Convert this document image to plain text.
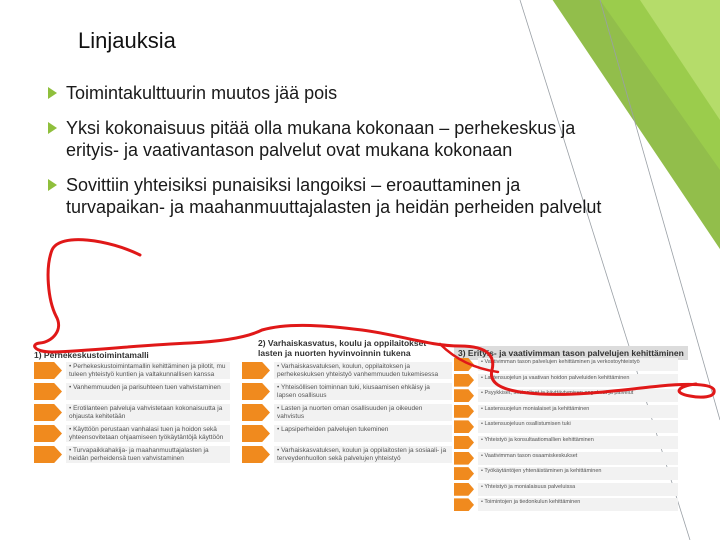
Linjauksia
Toimintakulttuurin muutos jää pois
Yksi kokonaisuus pitää olla mukana kokonaan – perhekeskus ja erityis- ja vaativantason palvelut ovat mukana kokonaan
Sovittiin yhteisiksi punaisiksi langoiksi – eroauttaminen ja turvapaikan- ja maahanmuuttajalasten ja heidän perheiden palvelut
1) Perhekeskustoimintamalli
• Perhekeskustoimintamallin kehittäminen ja pilotit, mu tuleen yhteistyö kuntien ja valtakunnallisen kanssa
• Vanhemmuuden ja parisuhteen tuen vahvistaminen
• Erotilanteen palveluja vahvistetaan kokonaisuutta ja ohjausta kehitetään
• Käyttöön perustaan vanhalasi tuen ja hoidon sekä yhteensovitetaan ohjaamiseen työkäytäntöjä käyttöön
• Turvapaikkahakija- ja maahanmuuttajalasten ja heidän perheidensä tuen vahvistaminen
2) Varhaiskasvatus, koulu ja oppilaitokset lasten ja nuorten hyvinvoinnin tukena
• Varhaiskasvatuksen, koulun, oppilaitoksen ja perhekeskuksen yhteistyö vanhemmuuden tukemisessa
• Yhteisöllisen toiminnan tuki, kiusaamisen ehkäisy ja lapsen osallisuus
• Lasten ja nuorten oman osallisuuden ja oikeuden vahvistus
• Lapsiperheiden palvelujen tukeminen
• Varhaiskasvatuksen, koulun ja oppilaitosten ja sosiaali- ja terveydenhuollon sekä palvelujen yhteistyö
3) Erityis- ja vaativimman tason palvelujen kehittäminen
• Vaativimman tason palvelujen kehittäminen ja verkostoyhteistyö
• Lastensuojelun ja vaativan hoidon palveluiden kehittäminen
• Psyykkiset, sosiaaliset ja käyttäytymisen ongelmat ja palvelut
• Lastensuojelun monialaiset ja kehittäminen
• Lastensuojeluun osallistumisen tuki
• Yhteistyö ja konsultaatiomallien kehittäminen
• Vaativimman tason osaamiskeskukset
• Työkäytäntöjen yhtenäistäminen ja kehittäminen
• Yhteistyö ja monialaisuus palveluissa
• Toimintojen ja tiedonkulun kehittäminen
